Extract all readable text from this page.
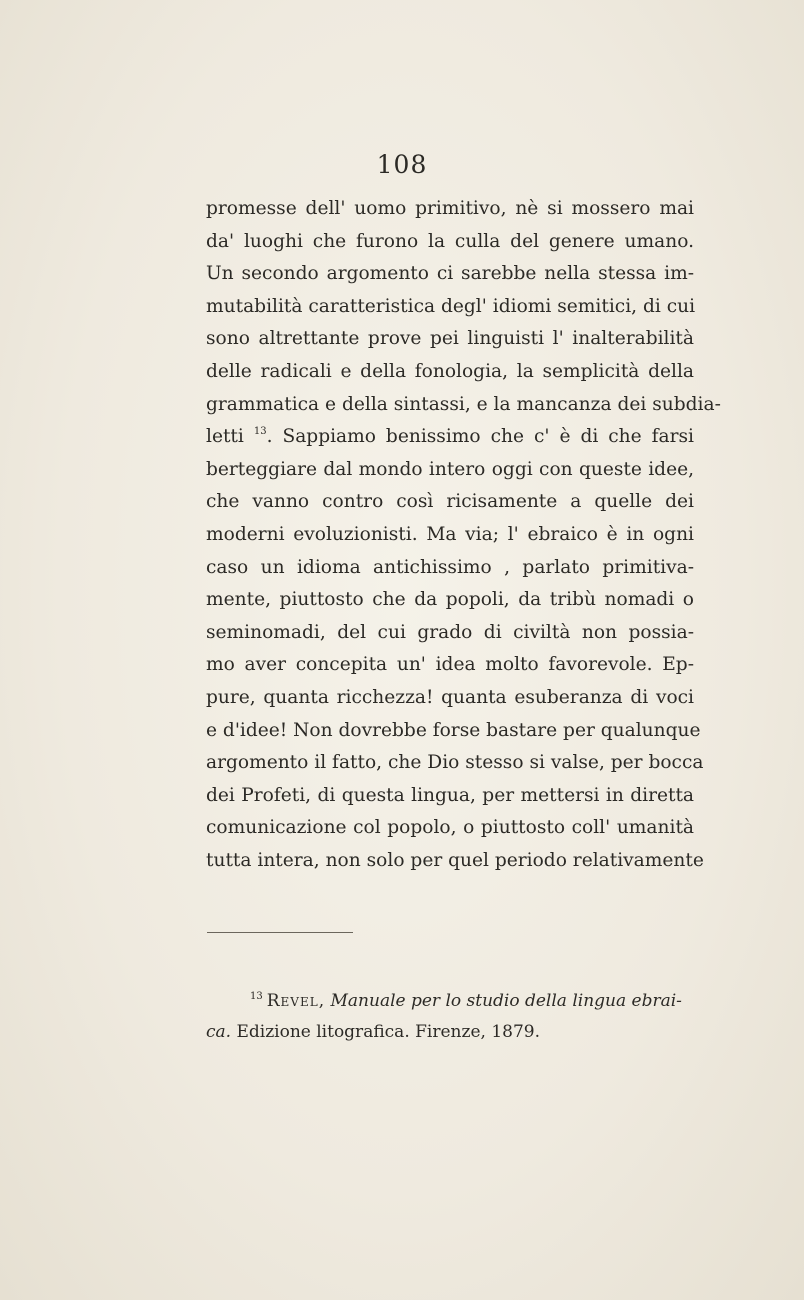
108
promesse dell' uomo primitivo, nè si mossero mai
da' luoghi che furono la culla del genere umano.
Un secondo argomento ci sarebbe nella stessa im-
mutabilità caratteristica degl' idiomi semitici, di cui
sono altrettante prove pei linguisti l' inalterabilità
delle radicali e della fonologia, la semplicità della
grammatica e della sintassi, e la mancanza dei subdia-
letti $^{13}$. Sappiamo benissimo che c' è di che farsi
berteggiare dal mondo intero oggi con queste idee,
che vanno contro così ricisamente a quelle dei
moderni evoluzionisti. Ma via; l' ebraico è in ogni
caso un idioma antichissimo , parlato primitiva-
mente, piuttosto che da popoli, da tribù nomadi o
seminomadi, del cui grado di civiltà non possia-
mo aver concepita un' idea molto favorevole. Ep-
pure, quanta ricchezza! quanta esuberanza di voci
e d'idee! Non dovrebbe forse bastare per qualunque
argomento il fatto, che Dio stesso si valse, per bocca
dei Profeti, di questa lingua, per mettersi in diretta
comunicazione col popolo, o piuttosto coll' umanità
tutta intera, non solo per quel periodo relativamente
$^{13}$ Revel, Manuale per lo studio della lingua ebrai-
ca. Edizione litografica. Firenze, 1879.
